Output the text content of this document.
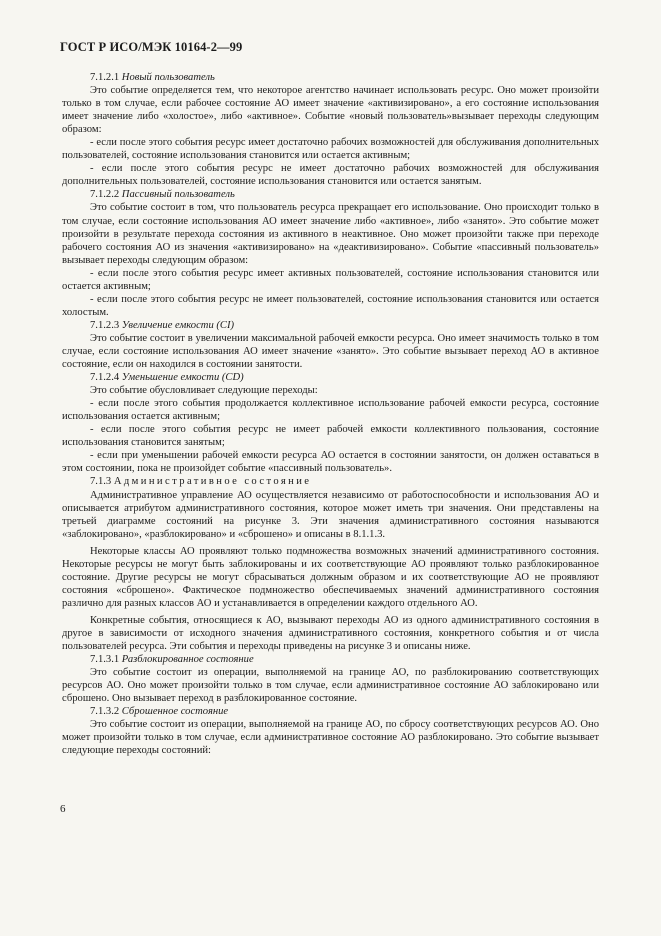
ГОСТ Р ИСО/МЭК 10164-2—99

7.1.2.1 Новый пользователь

Это событие определяется тем, что некоторое агентство начинает использовать ресурс. Оно может произойти только в том случае, если рабочее состояние АО имеет значение «активизировано», а его состояние использования имеет значение либо «холостое», либо «активное». Событие «новый пользователь»вызывает переходы следующим образом:

- если после этого события ресурс имеет достаточно рабочих возможностей для обслуживания дополнительных пользователей, состояние использования становится или остается активным;

- если после этого события ресурс не имеет достаточно рабочих возможностей для обслуживания дополнительных пользователей, состояние использования становится или остается занятым.

7.1.2.2 Пассивный пользователь

Это событие состоит в том, что пользователь ресурса прекращает его использование. Оно происходит только в том случае, если состояние использования АО имеет значение либо «активное», либо «занято». Это событие может произойти в результате перехода состояния из активного в неактивное. Оно может произойти также при переходе рабочего состояния АО из значения «активизировано» на «деактивизировано». Событие «пассивный пользователь» вызывает переходы следующим образом:

- если после этого события ресурс имеет активных пользователей, состояние использования становится или остается активным;

- если после этого события ресурс не имеет пользователей, состояние использования становится или остается холостым.

7.1.2.3 Увеличение емкости (CI)

Это событие состоит в увеличении максимальной рабочей емкости ресурса. Оно имеет значимость только в том случае, если состояние использования АО имеет значение «занято». Это событие вызывает переход АО в активное состояние, если он находился в состоянии занятости.

7.1.2.4 Уменьшение емкости (CD)

Это событие обусловливает следующие переходы:

- если после этого события продолжается коллективное использование рабочей емкости ресурса, состояние использования остается активным;

- если после этого события ресурс не имеет рабочей емкости коллективного пользования, состояние использования становится занятым;

- если при уменьшении рабочей емкости ресурса АО остается в состоянии занятости, он должен оставаться в этом состоянии, пока не произойдет событие «пассивный пользователь».

7.1.3 Административное состояние

Административное управление АО осуществляется независимо от работоспособности и использования АО и описывается атрибутом административного состояния, которое может иметь три значения. Они представлены на третьей диаграмме состояний на рисунке 3. Эти значения административного состояния называются «заблокировано», «разблокировано» и «сброшено» и описаны в 8.1.1.3.

Некоторые классы АО проявляют только подмножества возможных значений административного состояния. Некоторые ресурсы не могут быть заблокированы и их соответствующие АО проявляют только разблокированное состояние. Другие ресурсы не могут сбрасываться должным образом и их соответствующие АО не проявляют состояния «сброшено». Фактическое подмножество обеспечиваемых значений административного состояния различно для разных классов АО и устанавливается в определении каждого отдельного АО.

Конкретные события, относящиеся к АО, вызывают переходы АО из одного административного состояния в другое в зависимости от исходного значения административного состояния, конкретного события и от числа пользователей ресурса. Эти события и переходы приведены на рисунке 3 и описаны ниже.

7.1.3.1 Разблокированное состояние

Это событие состоит из операции, выполняемой на границе АО, по разблокированию соответствующих ресурсов АО. Оно может произойти только в том случае, если административное состояние АО заблокировано или сброшено. Оно вызывает переход в разблокированное состояние.

7.1.3.2 Сброшенное состояние

Это событие состоит из операции, выполняемой на границе АО, по сбросу соответствующих ресурсов АО. Оно может произойти только в том случае, если административное состояние АО разблокировано. Это событие вызывает следующие переходы состояний:

6
